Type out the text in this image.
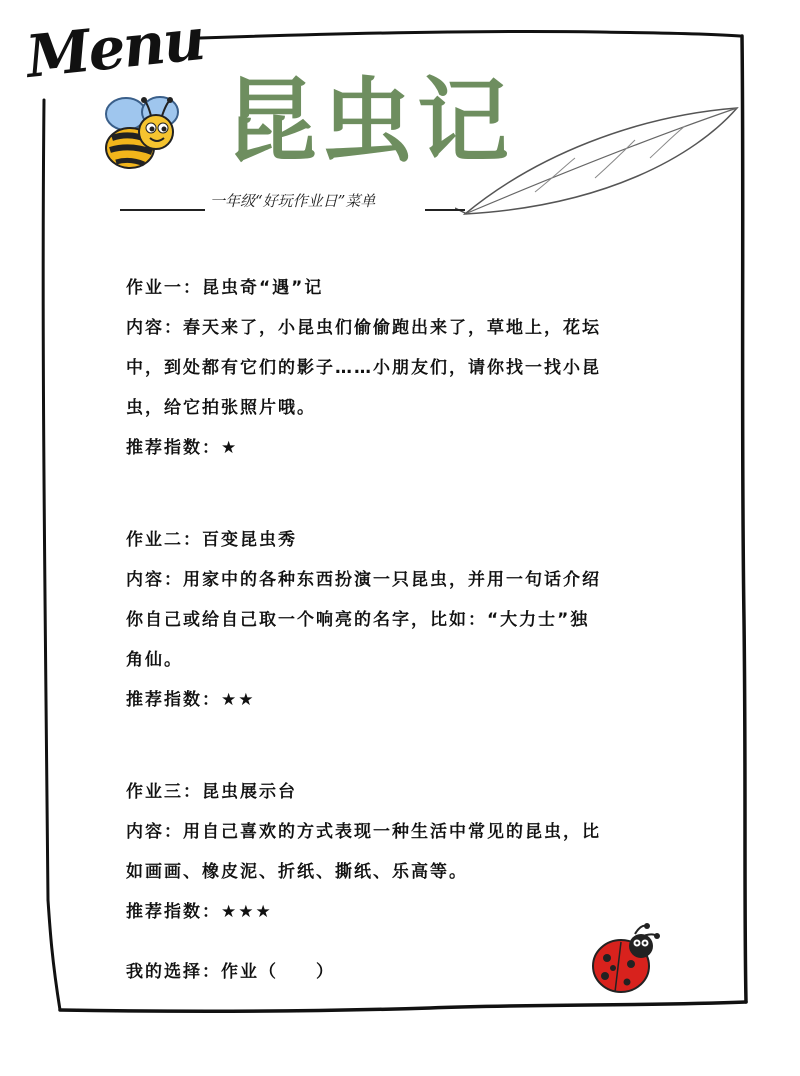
Menu
昆虫记
一年级“好玩作业日”菜单
作业一：昆虫奇“遇”记
内容：春天来了，小昆虫们偷偷跑出来了，草地上，花坛
中，到处都有它们的影子……小朋友们，请你找一找小昆
虫，给它拍张照片哦。
推荐指数：★
作业二：百变昆虫秀
内容：用家中的各种东西扮演一只昆虫，并用一句话介绍
你自己或给自己取一个响亮的名字，比如：“大力士”独
角仙。
推荐指数：★★
作业三：昆虫展示台
内容：用自己喜欢的方式表现一种生活中常见的昆虫，比
如画画、橡皮泥、折纸、撕纸、乐高等。
推荐指数：★★★
我的选择：作业（　　）
